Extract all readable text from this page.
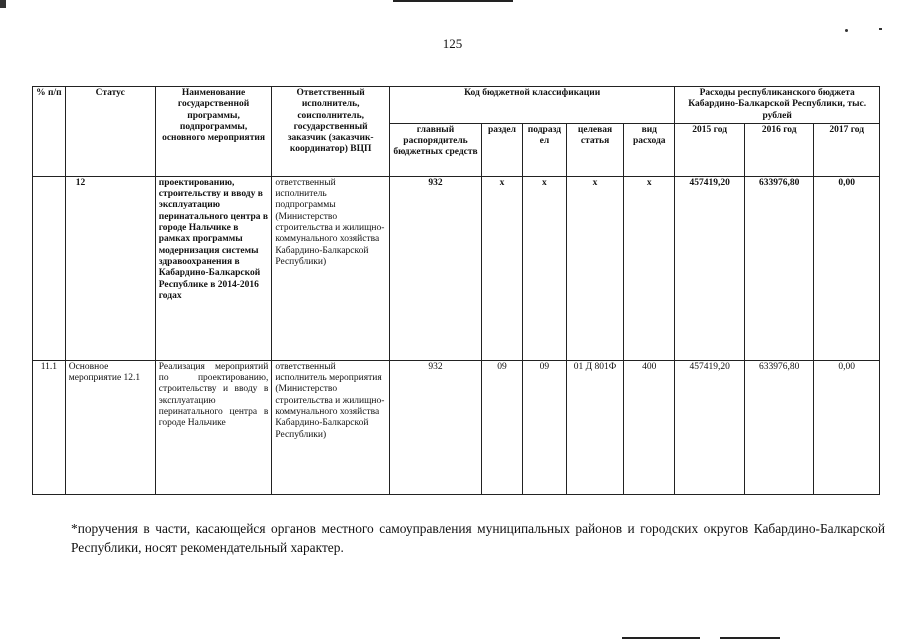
125
% п/п	Статус	Наименование государственной программы, подпрограммы, основного мероприятия	Ответственный исполнитель, соисполнитель, государственный заказчик (заказчик-координатор) ВЦП	Код бюджетной классификации					Расходы республиканского бюджета Кабардино-Балкарской Республики, тыс. рублей		
				главный распорядитель бюджетных средств	раздел	подразд ел	целевая статья	вид расхода	2015 год	2016 год	2017 год
	12	проектированию, строительству и вводу в эксплуатацию перинатального центра в городе Нальчике в рамках программы модернизация системы здравоохранения в Кабардино-Балкарской Республике в 2014-2016 годах	ответственный исполнитель подпрограммы (Министерство строительства и жилищно-коммунального хозяйства Кабардино-Балкарской Республики)	932	х	х	х	х	457419,20	633976,80	0,00
11.1	Основное мероприятие 12.1	Реализация мероприятий по проектированию, строительству и вводу в эксплуатацию перинатального центра в городе Нальчике	ответственный исполнитель мероприятия (Министерство строительства и жилищно-коммунального хозяйства Кабардино-Балкарской Республики)	932	09	09	01 Д 801Ф	400	457419,20	633976,80	0,00
*поручения в части, касающейся органов местного самоуправления муниципальных районов и городских округов Кабардино-Балкарской Республики, носят рекомендательный характер.
